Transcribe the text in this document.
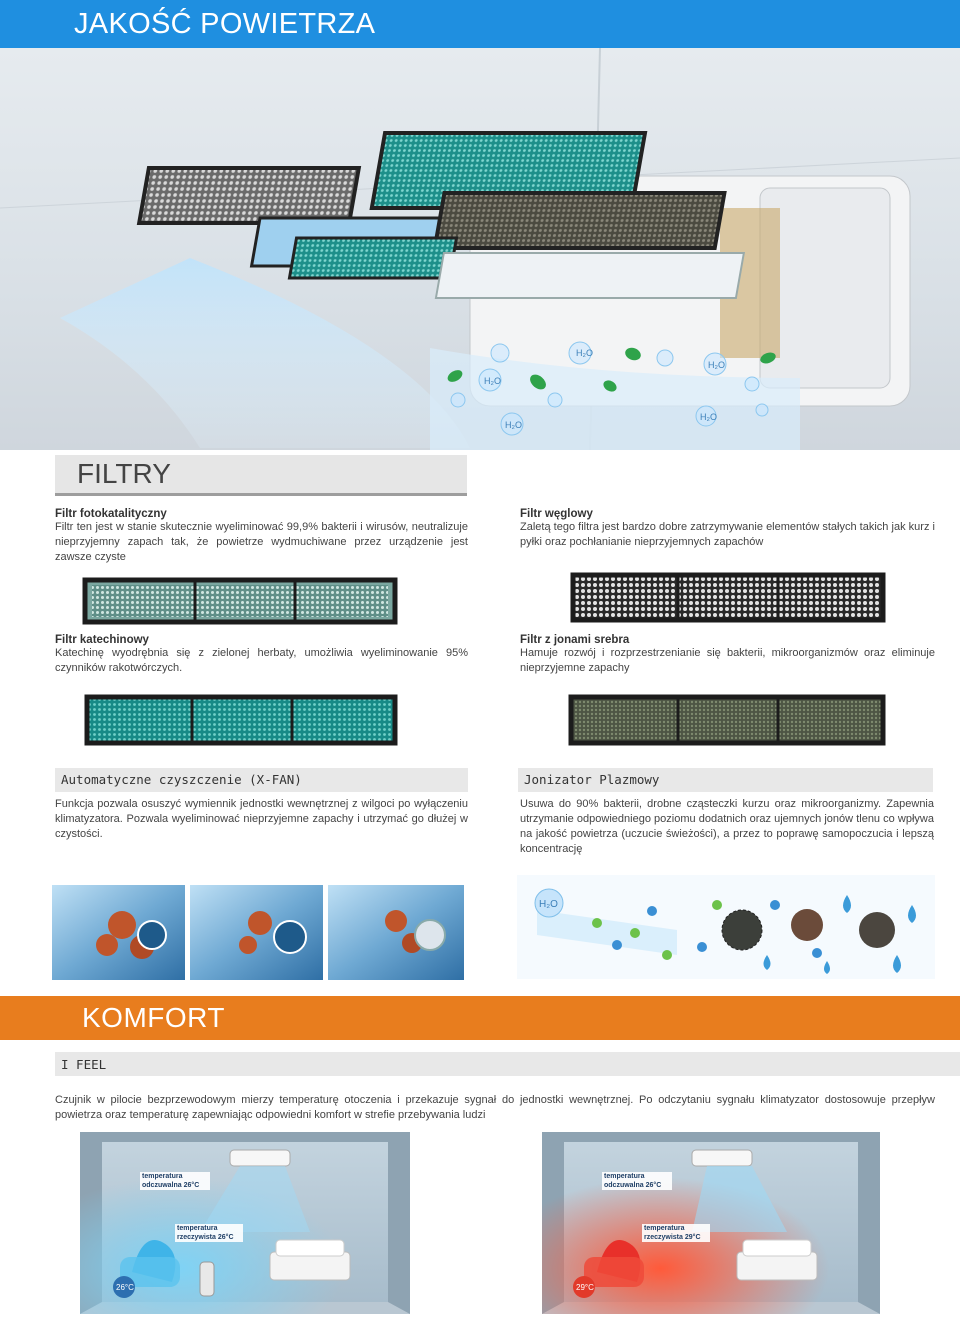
JAKOŚĆ POWIETRZA
H₂O
H₂O
H₂O
H₂O
H₂O
FILTRY
Filtr fotokatalityczny
Filtr ten jest w stanie skutecznie wyeliminować 99,9% bakterii i wirusów, neutralizuje nieprzyjemny zapach tak, że powietrze wydmuchiwane przez urządzenie jest zawsze czyste
Filtr węglowy
Zaletą tego filtra jest bardzo dobre zatrzymywanie elementów stałych takich jak kurz i pyłki oraz pochłanianie nieprzyjemnych zapachów
Filtr katechinowy
Katechinę wyodrębnia się z zielonej herbaty, umożliwia wyeliminowanie 95% czynników rakotwórczych.
Filtr z jonami srebra
Hamuje rozwój i rozprzestrzenianie się bakterii, mikroorganizmów oraz eliminuje nieprzyjemne zapachy
Automatyczne czyszczenie (X-FAN)
Funkcja pozwala osuszyć wymiennik jednostki wewnętrznej z wilgoci po wyłączeniu klimatyzatora. Pozwala wyeliminować nieprzyjemne zapachy i utrzymać go dłużej w czystości.
Jonizator Plazmowy
Usuwa do 90% bakterii, drobne cząsteczki kurzu oraz mikroorganizmy. Zapewnia utrzymanie odpowiedniego poziomu dodatnich oraz ujemnych jonów tlenu co wpływa na jakość powietrza (uczucie świeżości), a przez to poprawę samopoczucia i lepszą koncentrację
H₂O
KOMFORT
I FEEL
Czujnik w pilocie bezprzewodowym mierzy temperaturę otoczenia i przekazuje sygnał do jednostki wewnętrznej. Po odczytaniu sygnału klimatyzator dostosowuje przepływ powietrza oraz temperaturę zapewniając odpowiedni komfort w strefie przebywania ludzi
temperatura
odczuwalna 26°C
temperatura
rzeczywista 26°C
26°C
temperatura
odczuwalna 26°C
temperatura
rzeczywista 29°C
29°C
